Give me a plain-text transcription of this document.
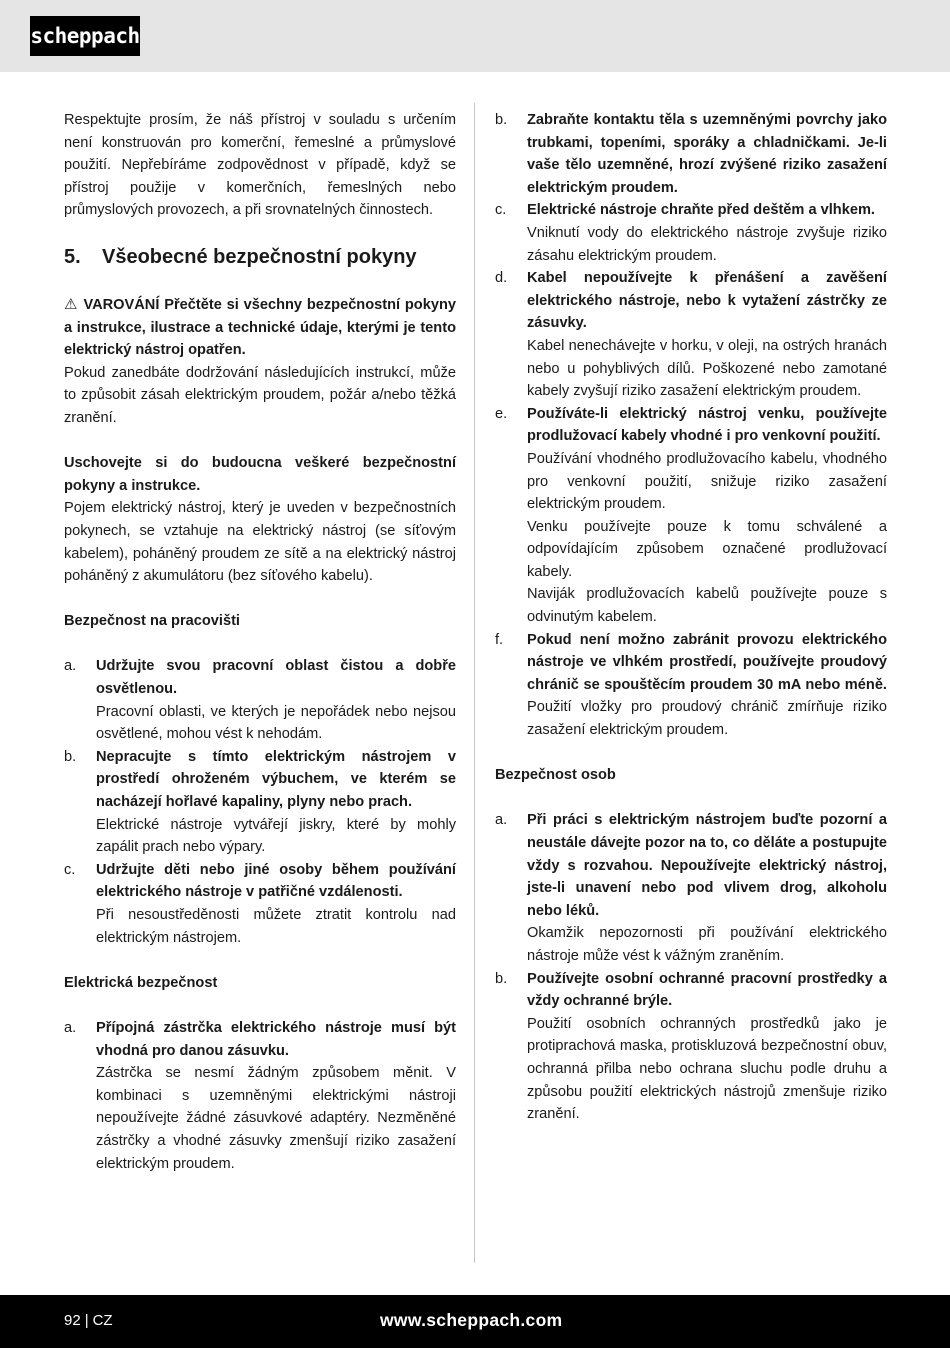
scheppach

Respektujte prosím, že náš přístroj v souladu s určením není konstruován pro komerční, řemeslné a průmyslové použití. Nepřebíráme zodpovědnost v případě, když se přístroj použije v komerčních, řemeslných nebo průmyslových provozech, a při srovnatelných činnostech.

5.	Všeobecné bezpečnostní pokyny

⚠ VAROVÁNÍ Přečtěte si všechny bezpečnostní pokyny a instrukce, ilustrace a technické údaje, kterými je tento elektrický nástroj opatřen.

Pokud zanedbáte dodržování následujících instrukcí, může to způsobit zásah elektrickým proudem, požár a/nebo těžká zranění.

Uschovejte si do budoucna veškeré bezpečnostní pokyny a instrukce.

Pojem elektrický nástroj, který je uveden v bezpečnostních pokynech, se vztahuje na elektrický nástroj (se síťovým kabelem), poháněný proudem ze sítě a na elektrický nástroj poháněný z akumulátoru (bez síťového kabelu).

Bezpečnost na pracovišti

a.	Udržujte svou pracovní oblast čistou a dobře osvětlenou.

Pracovní oblasti, ve kterých je nepořádek nebo nejsou osvětlené, mohou vést k nehodám.

b.	Nepracujte s tímto elektrickým nástrojem v prostředí ohroženém výbuchem, ve kterém se nacházejí hořlavé kapaliny, plyny nebo prach.

Elektrické nástroje vytvářejí jiskry, které by mohly zapálit prach nebo výpary.

c.	Udržujte děti nebo jiné osoby během používání elektrického nástroje v patřičné vzdálenosti.

Při nesoustředěnosti můžete ztratit kontrolu nad elektrickým nástrojem.

Elektrická bezpečnost

a.	Přípojná zástrčka elektrického nástroje musí být vhodná pro danou zásuvku.

Zástrčka se nesmí žádným způsobem měnit. V kombinaci s uzemněnými elektrickými nástroji nepoužívejte žádné zásuvkové adaptéry. Nezměněné zástrčky a vhodné zásuvky zmenšují riziko zasažení elektrickým proudem.

b.	Zabraňte kontaktu těla s uzemněnými povrchy jako trubkami, topeními, sporáky a chladničkami. Je-li vaše tělo uzemněné, hrozí zvýšené riziko zasažení elektrickým proudem.

c.	Elektrické nástroje chraňte před deštěm a vlhkem.

Vniknutí vody do elektrického nástroje zvyšuje riziko zásahu elektrickým proudem.

d.	Kabel nepoužívejte k přenášení a zavěšení elektrického nástroje, nebo k vytažení zástrčky ze zásuvky.

Kabel nenechávejte v horku, v oleji, na ostrých hranách nebo u pohyblivých dílů. Poškozené nebo zamotané kabely zvyšují riziko zasažení elektrickým proudem.

e.	Používáte-li elektrický nástroj venku, používejte prodlužovací kabely vhodné i pro venkovní použití.

Používání vhodného prodlužovacího kabelu, vhodného pro venkovní použití, snižuje riziko zasažení elektrickým proudem.

Venku používejte pouze k tomu schválené a odpovídajícím způsobem označené prodlužovací kabely.

Naviják prodlužovacích kabelů používejte pouze s odvinutým kabelem.

f.	Pokud není možno zabránit provozu elektrického nástroje ve vlhkém prostředí, používejte proudový chránič se spouštěcím proudem 30 mA nebo méně. Použití vložky pro proudový chránič zmírňuje riziko zasažení elektrickým proudem.

Bezpečnost osob

a.	Při práci s elektrickým nástrojem buďte pozorní a neustále dávejte pozor na to, co děláte a postupujte vždy s rozvahou. Nepoužívejte elektrický nástroj, jste-li unavení nebo pod vlivem drog, alkoholu nebo léků.

Okamžik nepozornosti při používání elektrického nástroje může vést k vážným zraněním.

b.	Používejte osobní ochranné pracovní prostředky a vždy ochranné brýle.

Použití osobních ochranných prostředků jako je protiprachová maska, protiskluzová bezpečnostní obuv, ochranná přilba nebo ochrana sluchu podle druhu a způsobu použití elektrických nástrojů zmenšuje riziko zranění.

92 | CZ	www.scheppach.com
